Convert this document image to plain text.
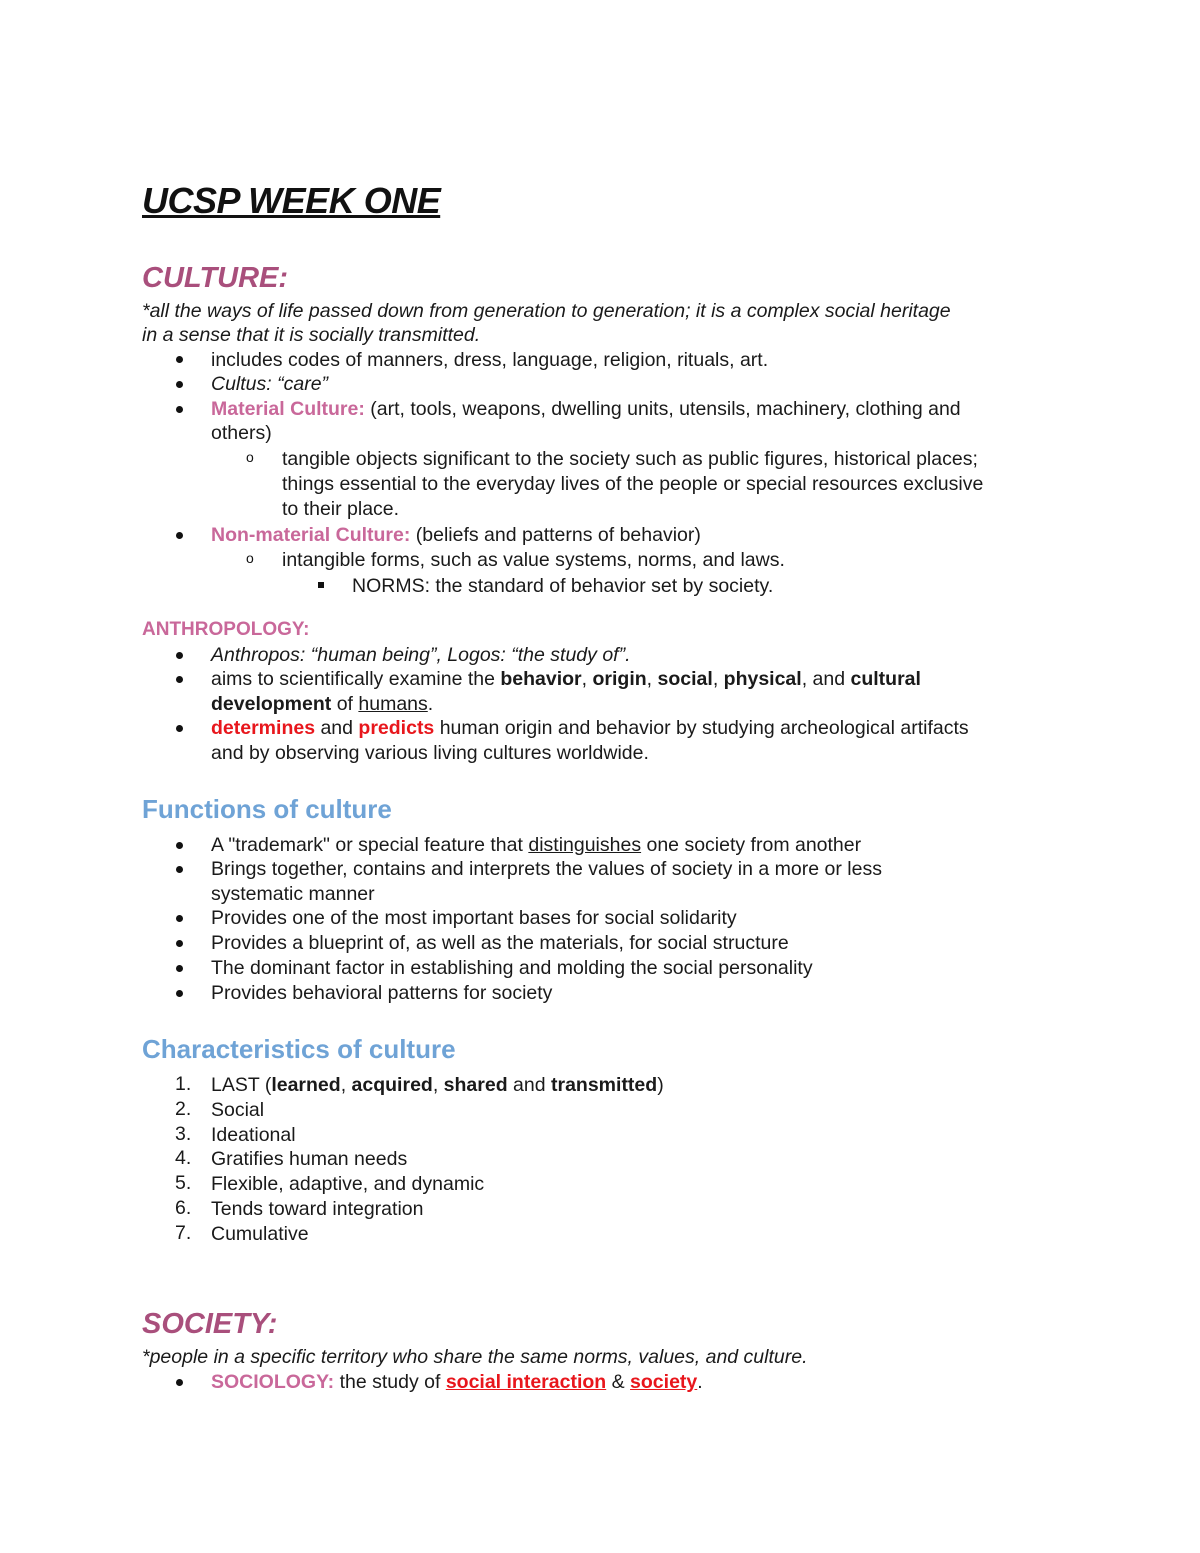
UCSP WEEK ONE
CULTURE:

*all the ways of life passed down from generation to generation; it is a complex social heritage

in a sense that it is socially transmitted.

includes codes of manners, dress, language, religion, rituals, art.

Cultus: “care”

Material Culture: (art, tools, weapons, dwelling units, utensils, machinery, clothing and

others)

o tangible objects significant to the society such as public figures, historical places;

things essential to the everyday lives of the people or special resources exclusive

to their place.

Non-material Culture: (beliefs and patterns of behavior)

o intangible forms, such as value systems, norms, and laws.

NORMS: the standard of behavior set by society.

ANTHROPOLOGY:

Anthropos: “human being”, Logos: “the study of”.

aims to scientifically examine the behavior, origin, social, physical, and cultural

development of humans.

determines and predicts human origin and behavior by studying archeological artifacts

and by observing various living cultures worldwide.

Functions of culture

A "trademark" or special feature that distinguishes one society from another

Brings together, contains and interprets the values of society in a more or less

systematic manner

Provides one of the most important bases for social solidarity

Provides a blueprint of, as well as the materials, for social structure

The dominant factor in establishing and molding the social personality

Provides behavioral patterns for society

Characteristics of culture
1. LAST (learned, acquired, shared and transmitted)

2. Social

3. Ideational

4. Gratifies human needs

5. Flexible, adaptive, and dynamic

6. Tends toward integration

7. Cumulative

SOCIETY:

*people in a specific territory who share the same norms, values, and culture.

SOCIOLOGY: the study of social interaction & society.
